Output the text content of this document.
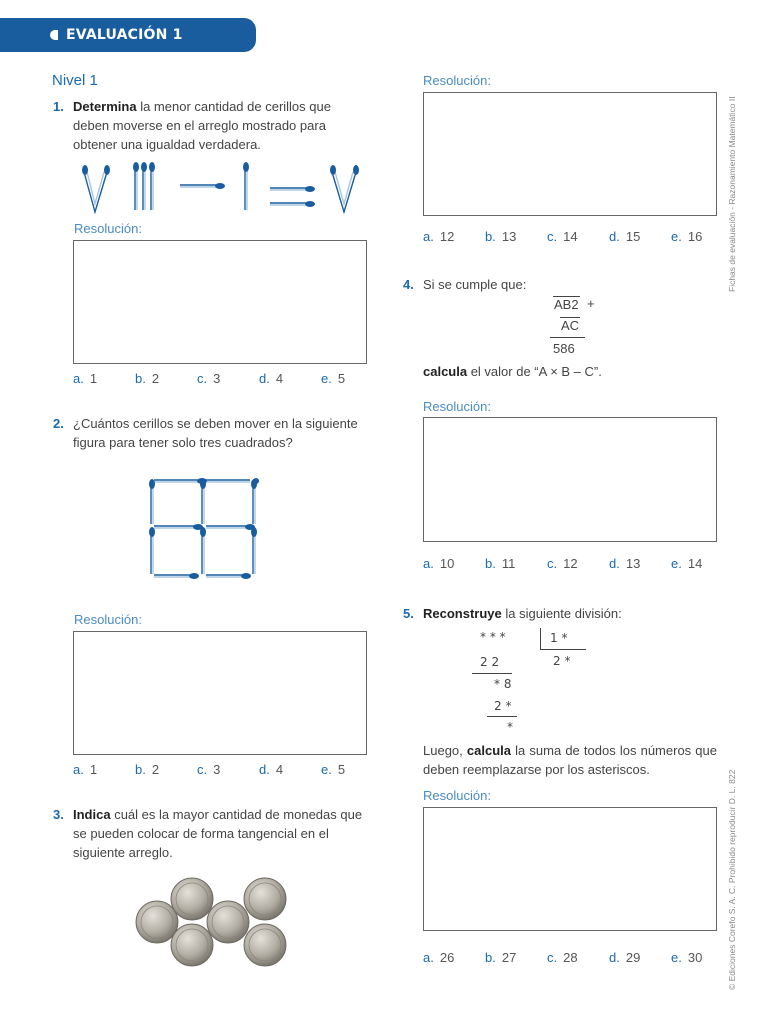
EVALUACIÓN 1
Nivel 1
1. Determina la menor cantidad de cerillos que deben moverse en el arreglo mostrado para obtener una igualdad verdadera.
Resolución:
a. 1	b. 2	c. 3	d. 4	e. 5
2. ¿Cuántos cerillos se deben mover en la siguiente figura para tener solo tres cuadrados?
Resolución:
a. 1	b. 2	c. 3	d. 4	e. 5
3. Indica cuál es la mayor cantidad de monedas que se pueden colocar de forma tangencial en el siguiente arreglo.
Resolución:
a. 12	b. 13	c. 14	d. 15	e. 16
4. Si se cumple que:
AB2 +
AC
586
calcula el valor de “A × B – C”.
Resolución:
a. 10	b. 11	c. 12	d. 13	e. 14
5. Reconstruye la siguiente división:
* * *	1 *
2 2	2 *
* 8
2 *
*
Luego, calcula la suma de todos los números que deben reemplazarse por los asteriscos.
Resolución:
a. 26	b. 27	c. 28	d. 29	e. 30
Fichas de evaluación - Razonamiento Matemático II
© Ediciones Corefo S. A. C. Prohibido reproducir D. L. 822
